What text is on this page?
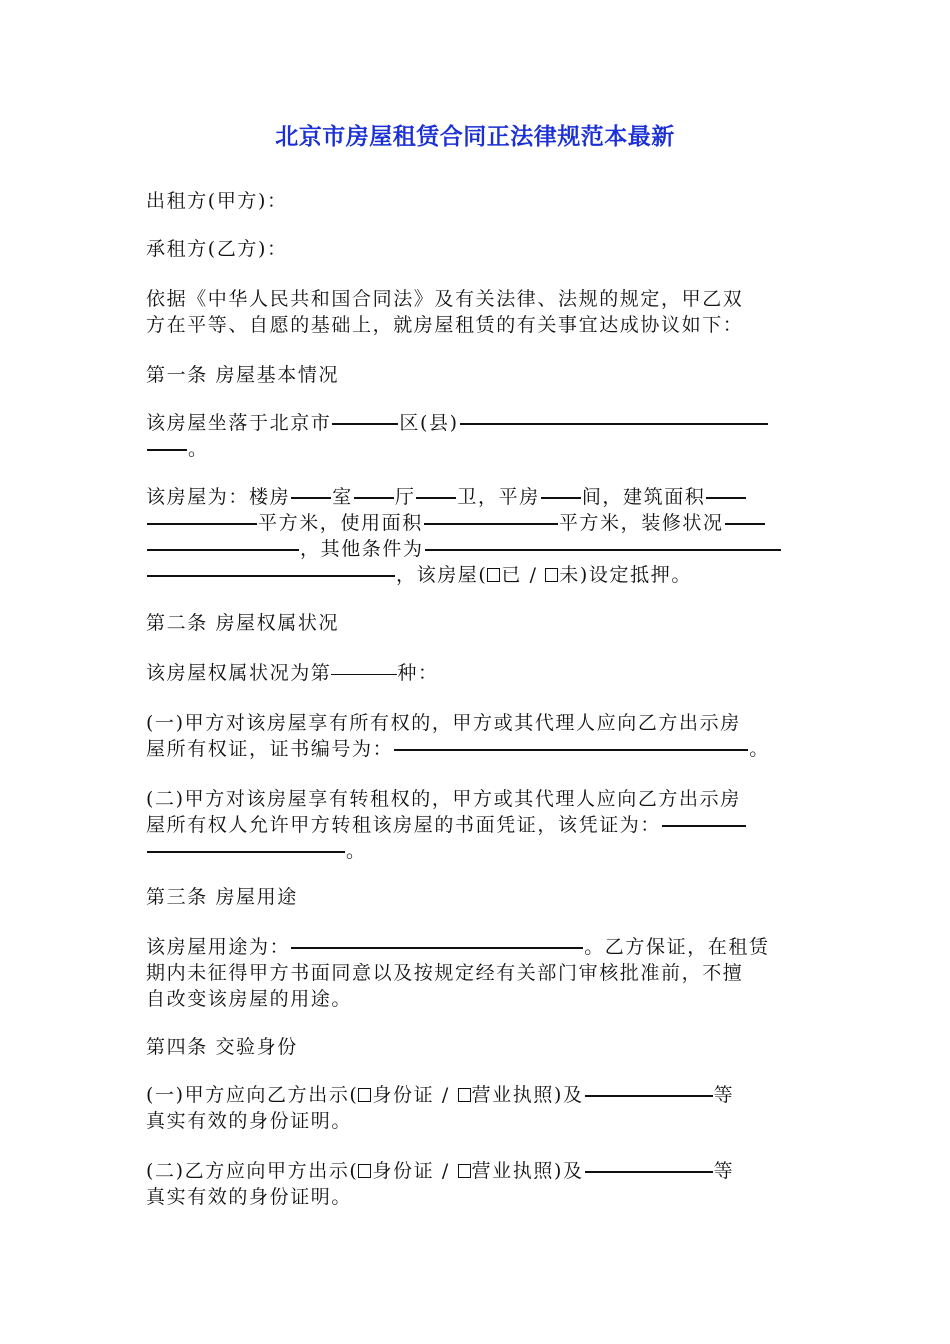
北京市房屋租赁合同正法律规范本最新
出租方(甲方)：
承租方(乙方)：
依据《中华人民共和国合同法》及有关法律、法规的规定，甲乙双
方在平等、自愿的基础上，就房屋租赁的有关事宜达成协议如下：
第一条 房屋基本情况
该房屋坐落于北京市	区(县)
。
该房屋为：楼房 室 厅 卫，平房 间，建筑面积
平方米，使用面积	平方米，装修状况
，其他条件为
，该房屋( 已 / 未)设定抵押。
第二条 房屋权属状况
该房屋权属状况为第	种：
(一)甲方对该房屋享有所有权的，甲方或其代理人应向乙方出示房
屋所有权证，证书编号为：	。
(二)甲方对该房屋享有转租权的，甲方或其代理人应向乙方出示房
屋所有权人允许甲方转租该房屋的书面凭证，该凭证为：
。
第三条 房屋用途
该房屋用途为：	。乙方保证，在租赁
期内未征得甲方书面同意以及按规定经有关部门审核批准前，不擅
自改变该房屋的用途。
第四条 交验身份
(一)甲方应向乙方出示( 身份证 / 营业执照)及	等
真实有效的身份证明。
(二)乙方应向甲方出示( 身份证 / 营业执照)及	等
真实有效的身份证明。
